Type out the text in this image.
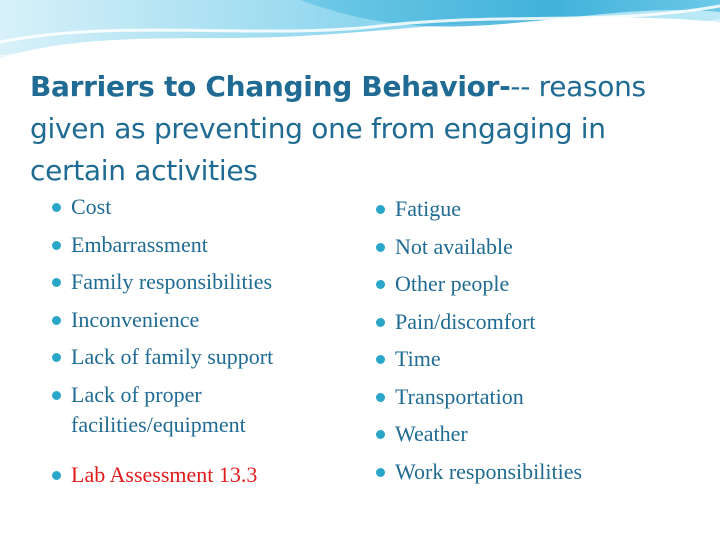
Barriers to Changing Behavior--- reasons given as preventing one from engaging in certain activities
Cost
Embarrassment
Family responsibilities
Inconvenience
Lack of family support
Lack of proper facilities/equipment
Lab Assessment 13.3
Fatigue
Not available
Other people
Pain/discomfort
Time
Transportation
Weather
Work responsibilities
